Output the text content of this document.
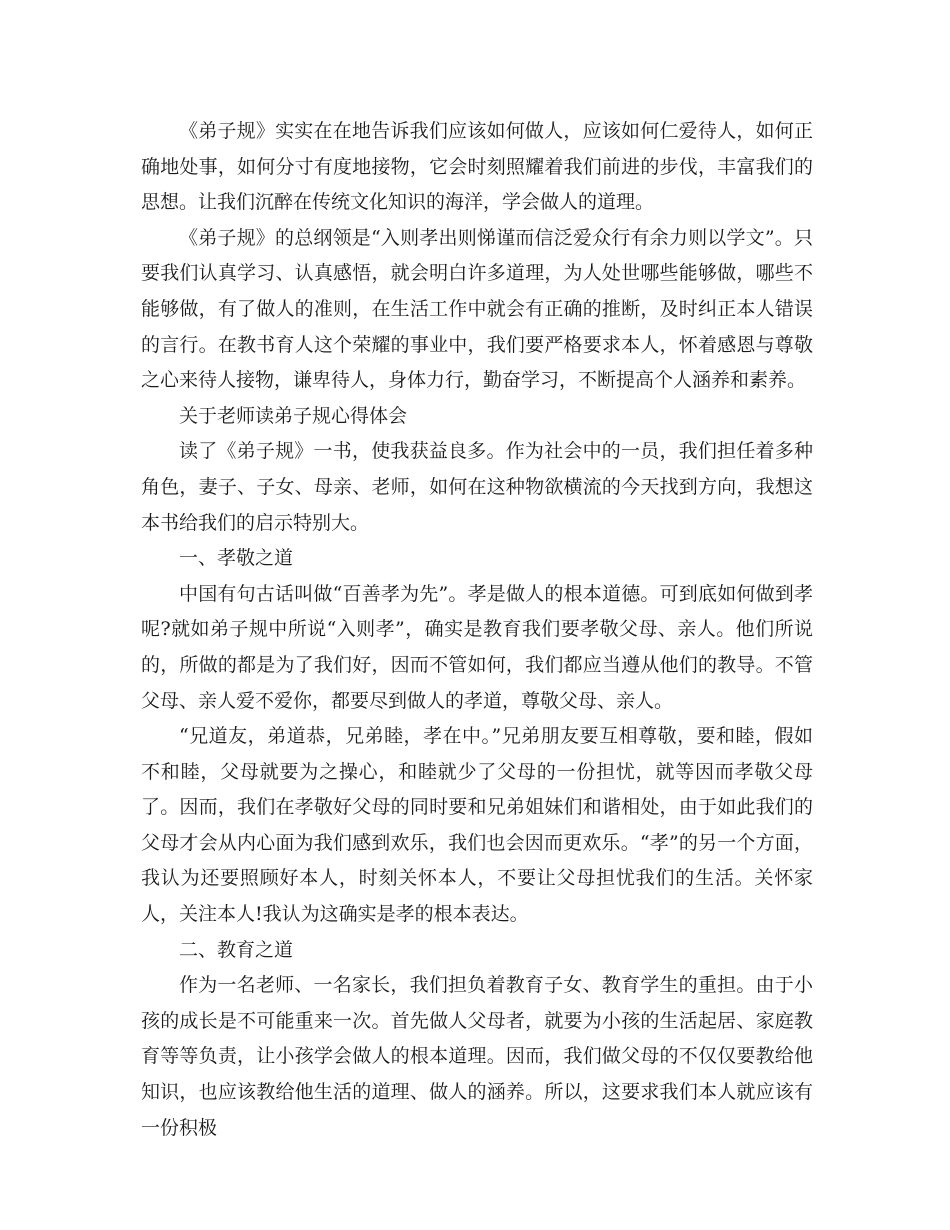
《弟子规》实实在在地告诉我们应该如何做人，应该如何仁爱待人，如何正确地处事，如何分寸有度地接物，它会时刻照耀着我们前进的步伐，丰富我们的思想。让我们沉醉在传统文化知识的海洋，学会做人的道理。

《弟子规》的总纲领是“入则孝出则悌谨而信泛爱众行有余力则以学文”。只要我们认真学习、认真感悟，就会明白许多道理，为人处世哪些能够做，哪些不能够做，有了做人的准则，在生活工作中就会有正确的推断，及时纠正本人错误的言行。在教书育人这个荣耀的事业中，我们要严格要求本人，怀着感恩与尊敬之心来待人接物，谦卑待人，身体力行，勤奋学习，不断提高个人涵养和素养。

关于老师读弟子规心得体会

读了《弟子规》一书，使我获益良多。作为社会中的一员，我们担任着多种角色，妻子、子女、母亲、老师，如何在这种物欲横流的今天找到方向，我想这本书给我们的启示特别大。

一、孝敬之道

中国有句古话叫做“百善孝为先”。孝是做人的根本道德。可到底如何做到孝呢?就如弟子规中所说“入则孝”，确实是教育我们要孝敬父母、亲人。他们所说的，所做的都是为了我们好，因而不管如何，我们都应当遵从他们的教导。不管父母、亲人爱不爱你，都要尽到做人的孝道，尊敬父母、亲人。

“兄道友，弟道恭，兄弟睦，孝在中。”兄弟朋友要互相尊敬，要和睦，假如不和睦，父母就要为之操心，和睦就少了父母的一份担忧，就等因而孝敬父母了。因而，我们在孝敬好父母的同时要和兄弟姐妹们和谐相处，由于如此我们的父母才会从内心面为我们感到欢乐，我们也会因而更欢乐。“孝”的另一个方面，我认为还要照顾好本人，时刻关怀本人，不要让父母担忧我们的生活。关怀家人，关注本人!我认为这确实是孝的根本表达。

二、教育之道

作为一名老师、一名家长，我们担负着教育子女、教育学生的重担。由于小孩的成长是不可能重来一次。首先做人父母者，就要为小孩的生活起居、家庭教育等等负责，让小孩学会做人的根本道理。因而，我们做父母的不仅仅要教给他知识，也应该教给他生活的道理、做人的涵养。所以，这要求我们本人就应该有一份积极
